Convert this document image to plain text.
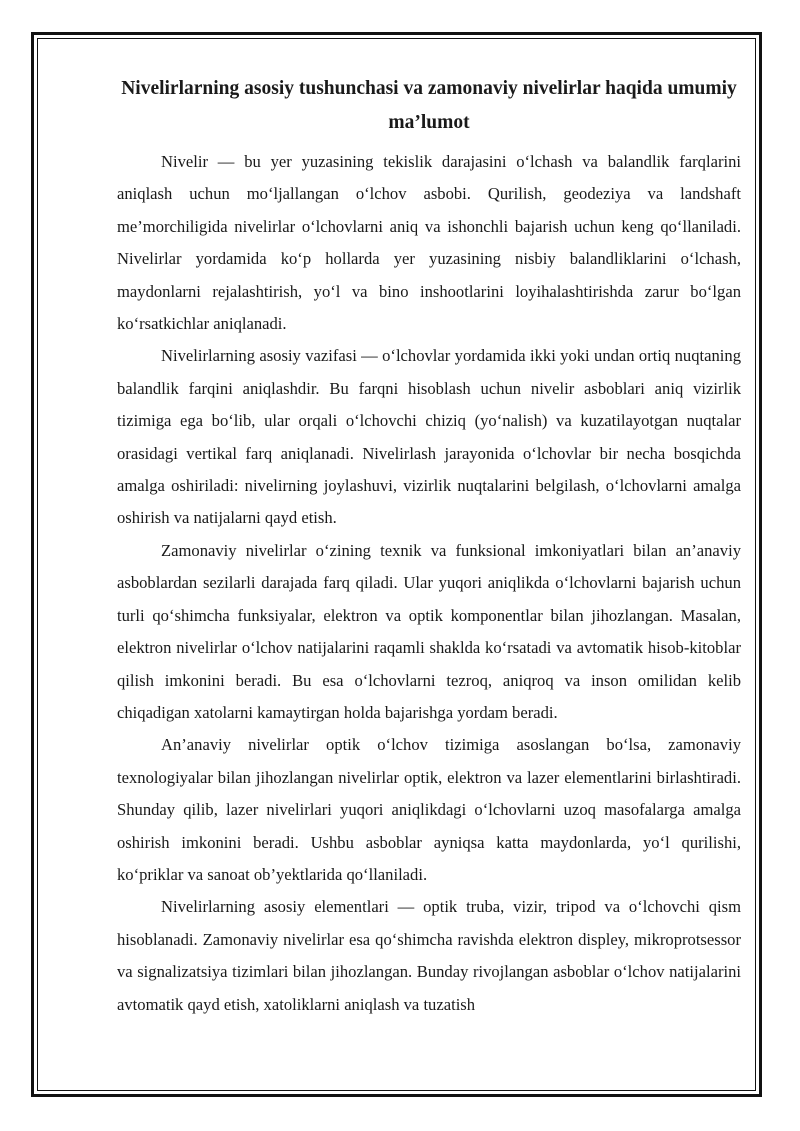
Nivelirlarning asosiy tushunchasi va zamonaviy nivelirlar haqida umumiy ma’lumot

Nivelir — bu yer yuzasining tekislik darajasini o‘lchash va balandlik farqlarini aniqlash uchun mo‘ljallangan o‘lchov asbobi. Qurilish, geodeziya va landshaft me’morchiligida nivelirlar o‘lchovlarni aniq va ishonchli bajarish uchun keng qo‘llaniladi. Nivelirlar yordamida ko‘p hollarda yer yuzasining nisbiy balandliklarini o‘lchash, maydonlarni rejalashtirish, yo‘l va bino inshootlarini loyihalashtirishda zarur bo‘lgan ko‘rsatkichlar aniqlanadi.

Nivelirlarning asosiy vazifasi — o‘lchovlar yordamida ikki yoki undan ortiq nuqtaning balandlik farqini aniqlashdir. Bu farqni hisoblash uchun nivelir asboblari aniq vizirlik tizimiga ega bo‘lib, ular orqali o‘lchovchi chiziq (yo‘nalish) va kuzatilayotgan nuqtalar orasidagi vertikal farq aniqlanadi. Nivelirlash jarayonida o‘lchovlar bir necha bosqichda amalga oshiriladi: nivelirning joylashuvi, vizirlik nuqtalarini belgilash, o‘lchovlarni amalga oshirish va natijalarni qayd etish.

Zamonaviy nivelirlar o‘zining texnik va funksional imkoniyatlari bilan an’anaviy asboblardan sezilarli darajada farq qiladi. Ular yuqori aniqlikda o‘lchovlarni bajarish uchun turli qo‘shimcha funksiyalar, elektron va optik komponentlar bilan jihozlangan. Masalan, elektron nivelirlar o‘lchov natijalarini raqamli shaklda ko‘rsatadi va avtomatik hisob-kitoblar qilish imkonini beradi. Bu esa o‘lchovlarni tezroq, aniqroq va inson omilidan kelib chiqadigan xatolarni kamaytirgan holda bajarishga yordam beradi.

An’anaviy nivelirlar optik o‘lchov tizimiga asoslangan bo‘lsa, zamonaviy texnologiyalar bilan jihozlangan nivelirlar optik, elektron va lazer elementlarini birlashtiradi. Shunday qilib, lazer nivelirlari yuqori aniqlikdagi o‘lchovlarni uzoq masofalarga amalga oshirish imkonini beradi. Ushbu asboblar ayniqsa katta maydonlarda, yo‘l qurilishi, ko‘priklar va sanoat ob’yektlarida qo‘llaniladi.

Nivelirlarning asosiy elementlari — optik truba, vizir, tripod va o‘lchovchi qism hisoblanadi. Zamonaviy nivelirlar esa qo‘shimcha ravishda elektron displey, mikroprotsessor va signalizatsiya tizimlari bilan jihozlangan. Bunday rivojlangan asboblar o‘lchov natijalarini avtomatik qayd etish, xatoliklarni aniqlash va tuzatish
